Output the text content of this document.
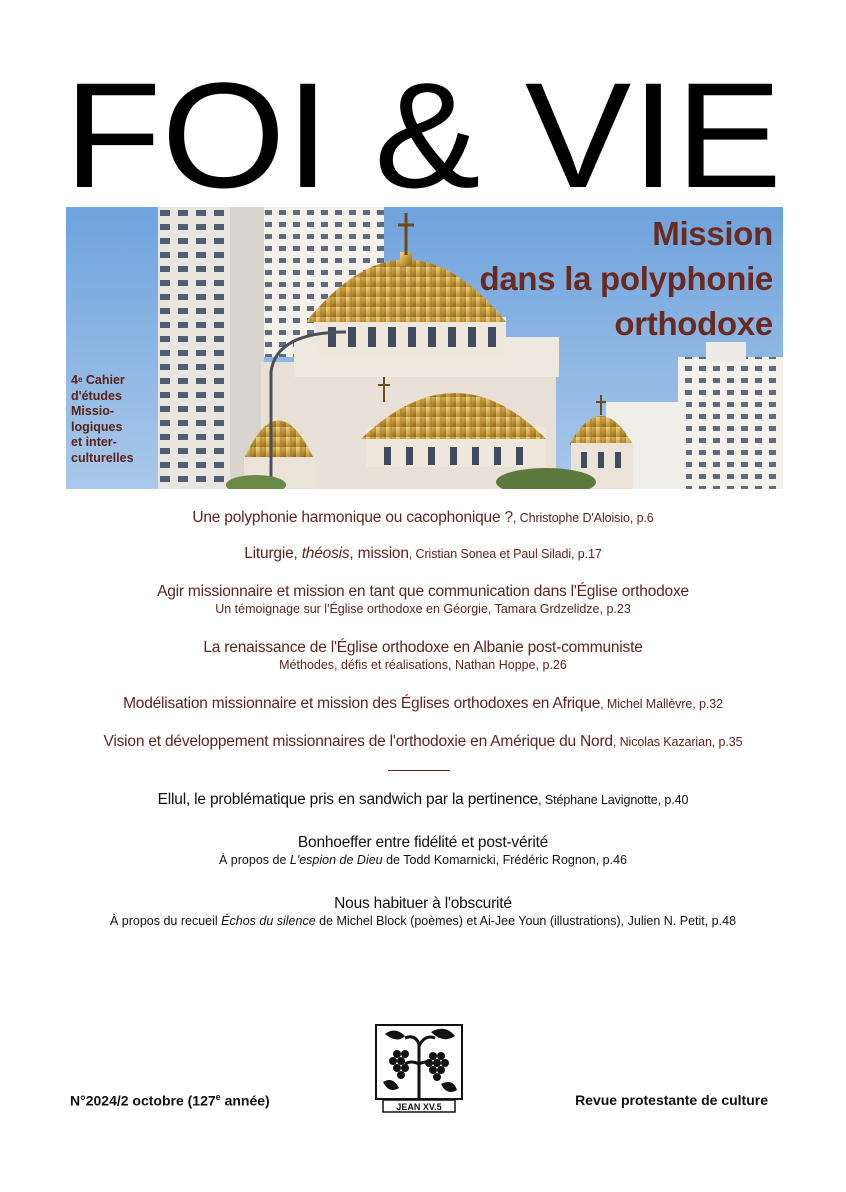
FOI & VIE
Mission
dans la polyphonie
orthodoxe
4e Cahier
d'études
Missio-
logiques
et inter-
culturelles
Une polyphonie harmonique ou cacophonique ?, Christophe D'Aloisio, p.6
Liturgie, théosis, mission, Cristian Sonea et Paul Siladi, p.17
Agir missionnaire et mission en tant que communication dans l'Église orthodoxe
Un témoignage sur l'Église orthodoxe en Géorgie, Tamara Grdzelidze, p.23
La renaissance de l'Église orthodoxe en Albanie post-communiste
Méthodes, défis et réalisations, Nathan Hoppe, p.26
Modélisation missionnaire et mission des Églises orthodoxes en Afrique, Michel Mallèvre, p.32
Vision et développement missionnaires de l'orthodoxie en Amérique du Nord, Nicolas Kazarian, p.35
Ellul, le problématique pris en sandwich par la pertinence, Stéphane Lavignotte, p.40
Bonhoeffer entre fidélité et post-vérité
À propos de L'espion de Dieu de Todd Komarnicki, Frédéric Rognon, p.46
Nous habituer à l'obscurité
À propos du recueil Échos du silence de Michel Block (poèmes) et Ai-Jee Youn (illustrations), Julien N. Petit, p.48
N°2024/2 octobre (127e année)	JEAN XV.5	Revue protestante de culture
